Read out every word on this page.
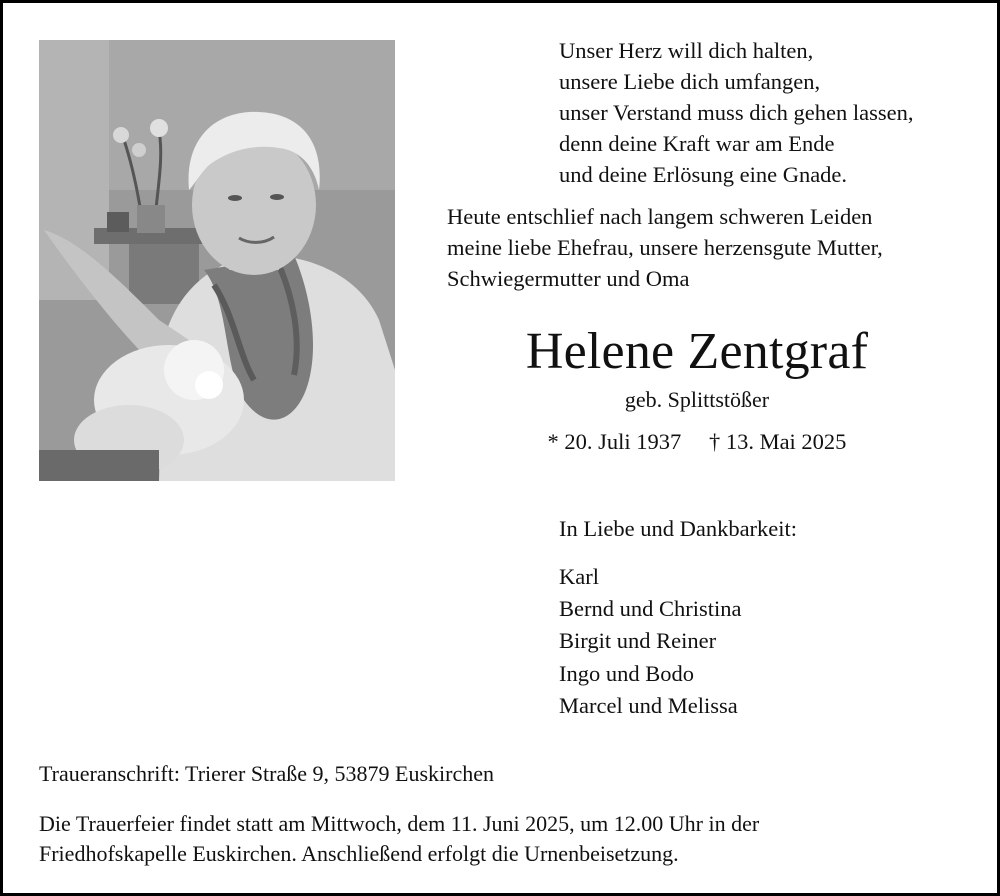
Unser Herz will dich halten,
unsere Liebe dich umfangen,
unser Verstand muss dich gehen lassen,
denn deine Kraft war am Ende
und deine Erlösung eine Gnade.
Heute entschlief nach langem schweren Leiden
meine liebe Ehefrau, unsere herzensgute Mutter,
Schwiegermutter und Oma
Helene Zentgraf
geb. Splittstößer
* 20. Juli 1937 † 13. Mai 2025
In Liebe und Dankbarkeit:
Karl
Bernd und Christina
Birgit und Reiner
Ingo und Bodo
Marcel und Melissa
Traueranschrift: Trierer Straße 9, 53879 Euskirchen
Die Trauerfeier findet statt am Mittwoch, dem 11. Juni 2025, um 12.00 Uhr in der
Friedhofskapelle Euskirchen. Anschließend erfolgt die Urnenbeisetzung.
